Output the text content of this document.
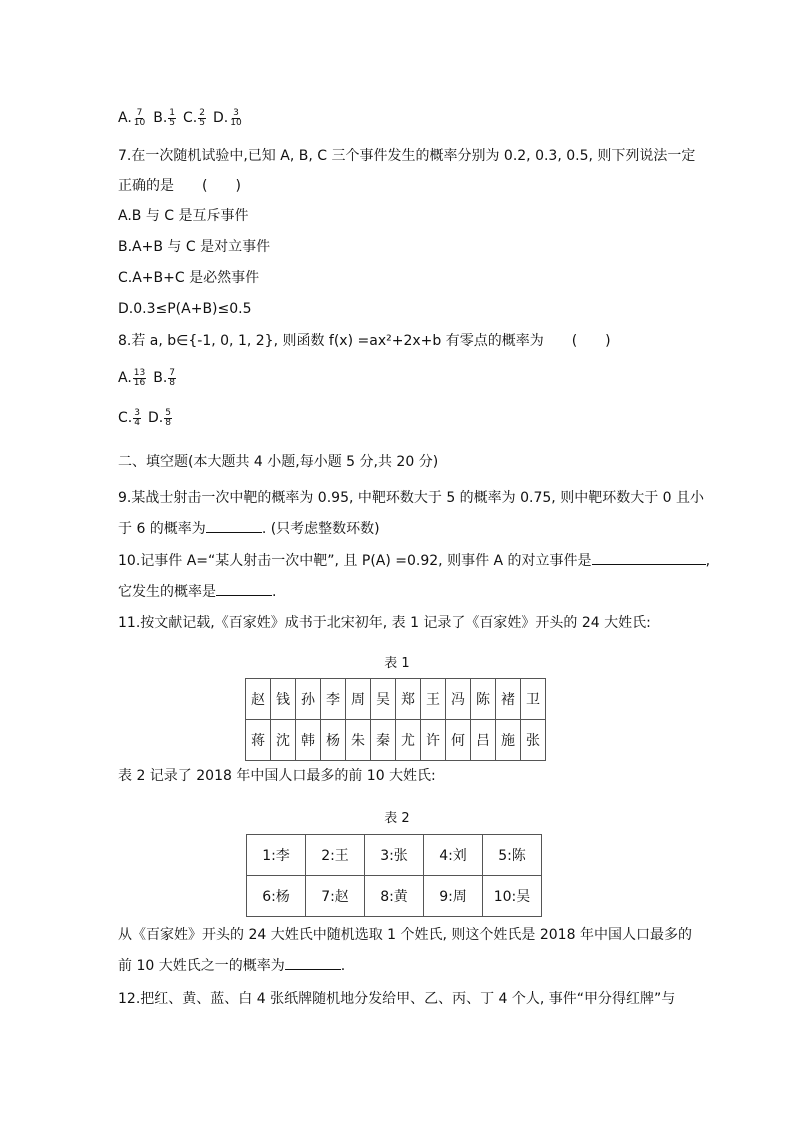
A. $\frac{7}{10} B$. $\frac{1}{5} C$. $\frac{2}{5} D$. $\frac{3}{10}$
7.在一次随机试验中,已知 A, B, C 三个事件发生的概率分别为 0.2, 0.3, 0.5, 则下列说法一定
正确的是　　(　　)
A.B 与 C 是互斥事件
B.A+B 与 C 是对立事件
C.A+B+C 是必然事件
D.0.3≤P(A+B)≤0.5
8.若 a, b∈{-1, 0, 1, 2}, 则函数 f(x) =ax²+2x+b 有零点的概率为　　(　　)
A. $\frac{13}{16} B$. $\frac{7}{8}$
C. $\frac{3}{4} D$. $\frac{5}{8}$
二、填空题(本大题共 4 小题,每小题 5 分,共 20 分)
9.某战士射击一次中靶的概率为 0.95, 中靶环数大于 5 的概率为 0.75, 则中靶环数大于 0 且小
于 6 的概率为	. (只考虑整数环数)
10.记事件 A=“某人射击一次中靶”, 且 P(A) =0.92, 则事件 A 的对立事件是	,
它发生的概率是	.
11.按文献记载,《百家姓》成书于北宋初年, 表 1 记录了《百家姓》开头的 24 大姓氏:
表 1
赵	钱	孙	李	周	吴	郑	王	冯	陈	褚	卫
蒋	沈	韩	杨	朱	秦	尤	许	何	吕	施	张
表 2 记录了 2018 年中国人口最多的前 10 大姓氏:
表 2
1:李	2:王	3:张	4:刘	5:陈
6:杨	7:赵	8:黄	9:周	10:吴
从《百家姓》开头的 24 大姓氏中随机选取 1 个姓氏, 则这个姓氏是 2018 年中国人口最多的
前 10 大姓氏之一的概率为	.
12.把红、黄、蓝、白 4 张纸牌随机地分发给甲、乙、丙、丁 4 个人, 事件“甲分得红牌”与
